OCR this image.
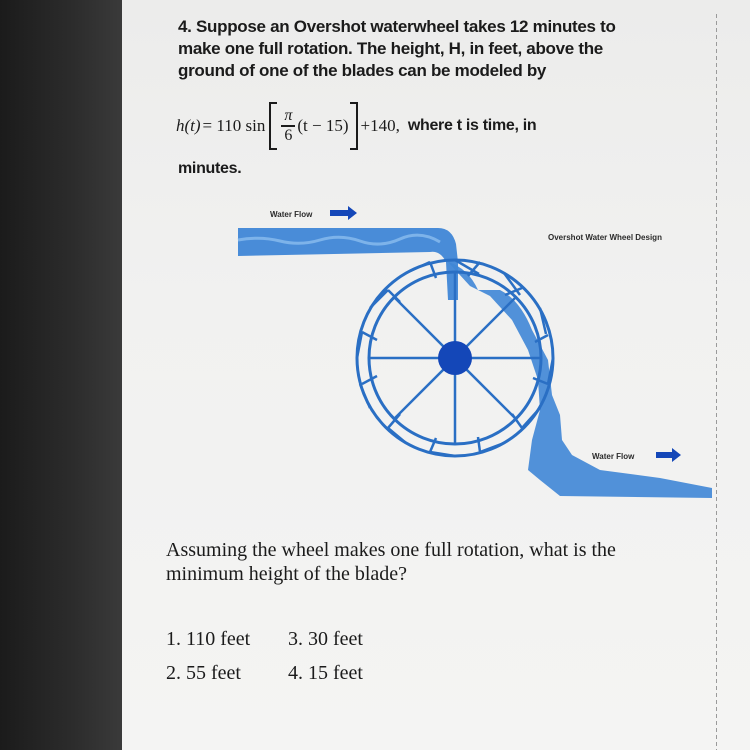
4. Suppose an Overshot waterwheel takes 12 minutes to
make one full rotation. The height, H, in feet, above the
ground of one of the blades can be modeled by
h(t) = 110 $\sin \frac{\pi}{6} (t - 15) +140$, where t is time, in
minutes.
Water Flow
Overshot Water Wheel Design
Water Flow
Assuming the wheel makes one full rotation, what is the minimum height of the blade?
1. 110 feet	3. 30 feet
2. 55 feet	4. 15 feet
